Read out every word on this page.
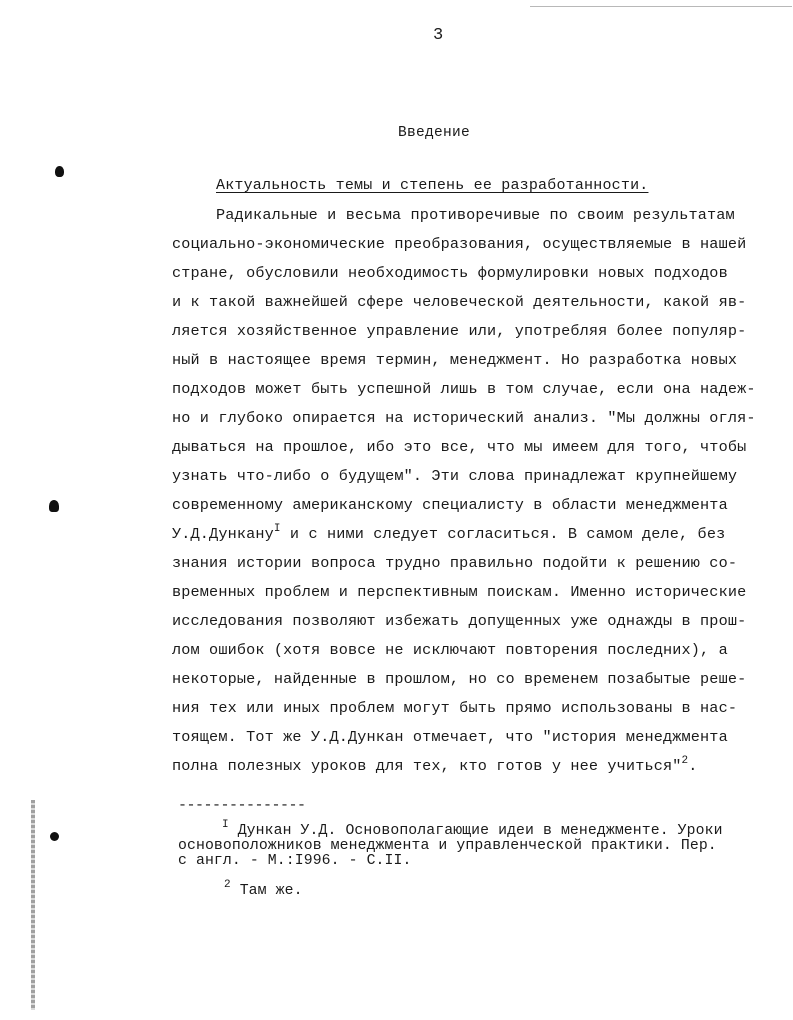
3
Введение
Актуальность темы и степень ее разработанности.
Радикальные и весьма противоречивые по своим результатам
социально-экономические преобразования, осуществляемые в нашей
стране, обусловили необходимость формулировки новых подходов
и к такой важнейшей сфере человеческой деятельности, какой яв-
ляется хозяйственное управление или, употребляя более популяр-
ный в настоящее время термин, менеджмент. Но разработка новых
подходов может быть успешной лишь в том случае, если она надеж-
но и глубоко опирается на исторический анализ. "Мы должны огля-
дываться на прошлое, ибо это все, что мы имеем для того, чтобы
узнать что-либо о будущем". Эти слова принадлежат крупнейшему
современному американскому специалисту в области менеджмента
У.Д.Дункану$^I$ и с ними следует согласиться. В самом деле, без
знания истории вопроса трудно правильно подойти к решению со-
временных проблем и перспективным поискам. Именно исторические
исследования позволяют избежать допущенных уже однажды в прош-
лом ошибок (хотя вовсе не исключают повторения последних), а
некоторые, найденные в прошлом, но со временем позабытые реше-
ния тех или иных проблем могут быть прямо использованы в нас-
тоящем. Тот же У.Д.Дункан отмечает, что "история менеджмента
полна полезных уроков для тех, кто готов у нее учиться"$^2$.
---------------
$^I$ Дункан У.Д. Основополагающие идеи в менеджменте. Уроки
основоположников менеджмента и управленческой практики. Пер.
с англ. - М.:I996. - С.II.
$^2$ Там же.
